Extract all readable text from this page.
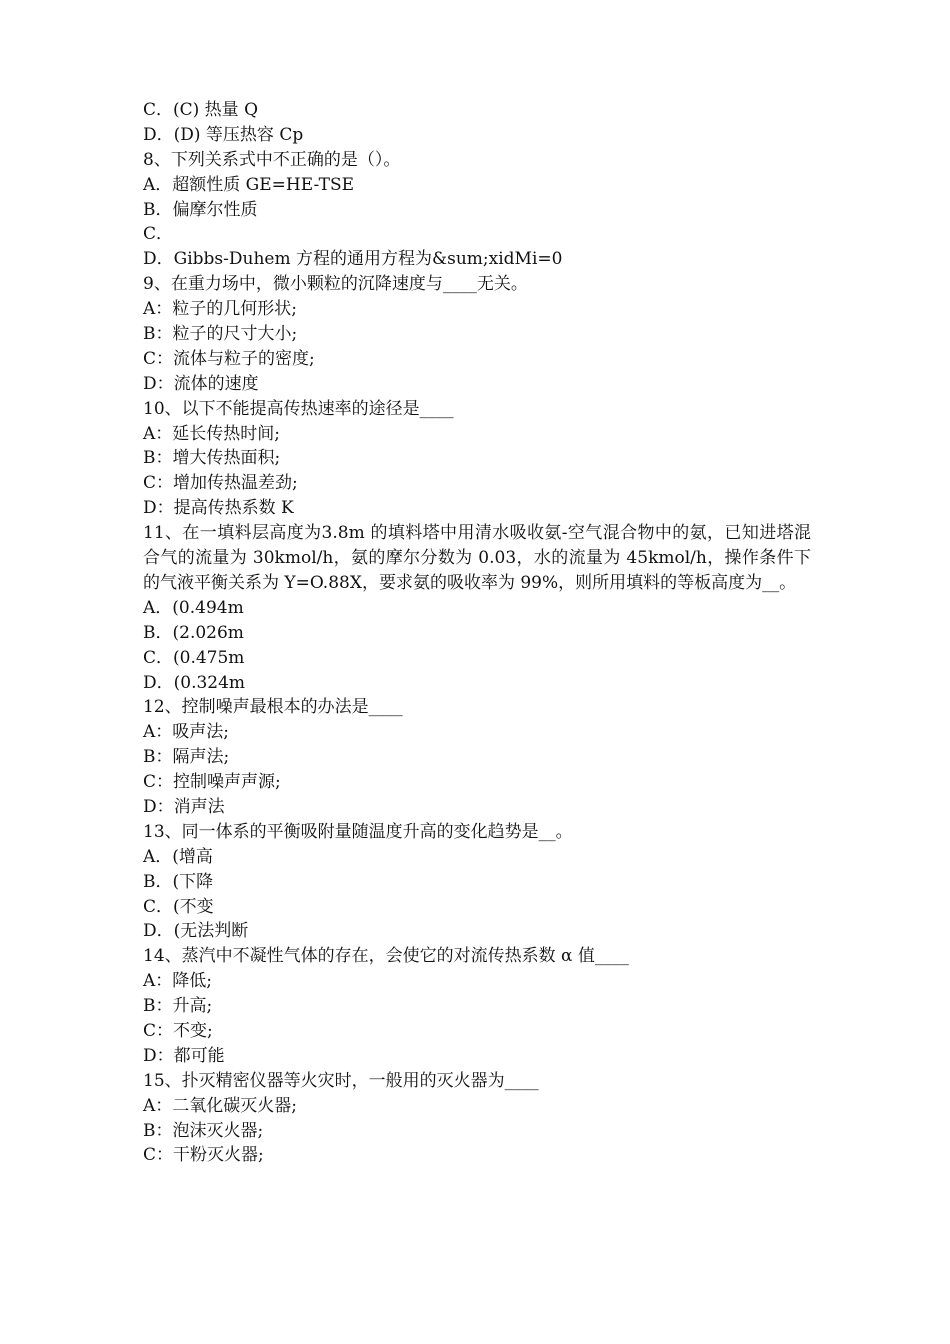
C．(C) 热量 Q
D．(D) 等压热容 Cp
8、下列关系式中不正确的是（）。
A．超额性质 GE=HE-TSE
B．偏摩尔性质
C．
D．Gibbs-Duhem 方程的通用方程为&sum;xidMi=0
9、在重力场中，微小颗粒的沉降速度与____无关。
A：粒子的几何形状;
B：粒子的尺寸大小;
C：流体与粒子的密度;
D：流体的速度
10、以下不能提高传热速率的途径是____
A：延长传热时间;
B：增大传热面积;
C：增加传热温差劲;
D：提高传热系数 K
11、在一填料层高度为3.8m 的填料塔中用清水吸收氨-空气混合物中的氨，已知进塔混合气的流量为 30kmol/h，氨的摩尔分数为 0.03，水的流量为 45kmol/h，操作条件下的气液平衡关系为 Y=O.88X，要求氨的吸收率为 99%，则所用填料的等板高度为__。
A．(0.494m
B．(2.026m
C．(0.475m
D．(0.324m
12、控制噪声最根本的办法是____
A：吸声法;
B：隔声法;
C：控制噪声声源;
D：消声法
13、同一体系的平衡吸附量随温度升高的变化趋势是__。
A．(增高
B．(下降
C．(不变
D．(无法判断
14、蒸汽中不凝性气体的存在，会使它的对流传热系数 α 值____
A：降低;
B：升高;
C：不变;
D：都可能
15、扑灭精密仪器等火灾时，一般用的灭火器为____
A：二氧化碳灭火器;
B：泡沫灭火器;
C：干粉灭火器;
